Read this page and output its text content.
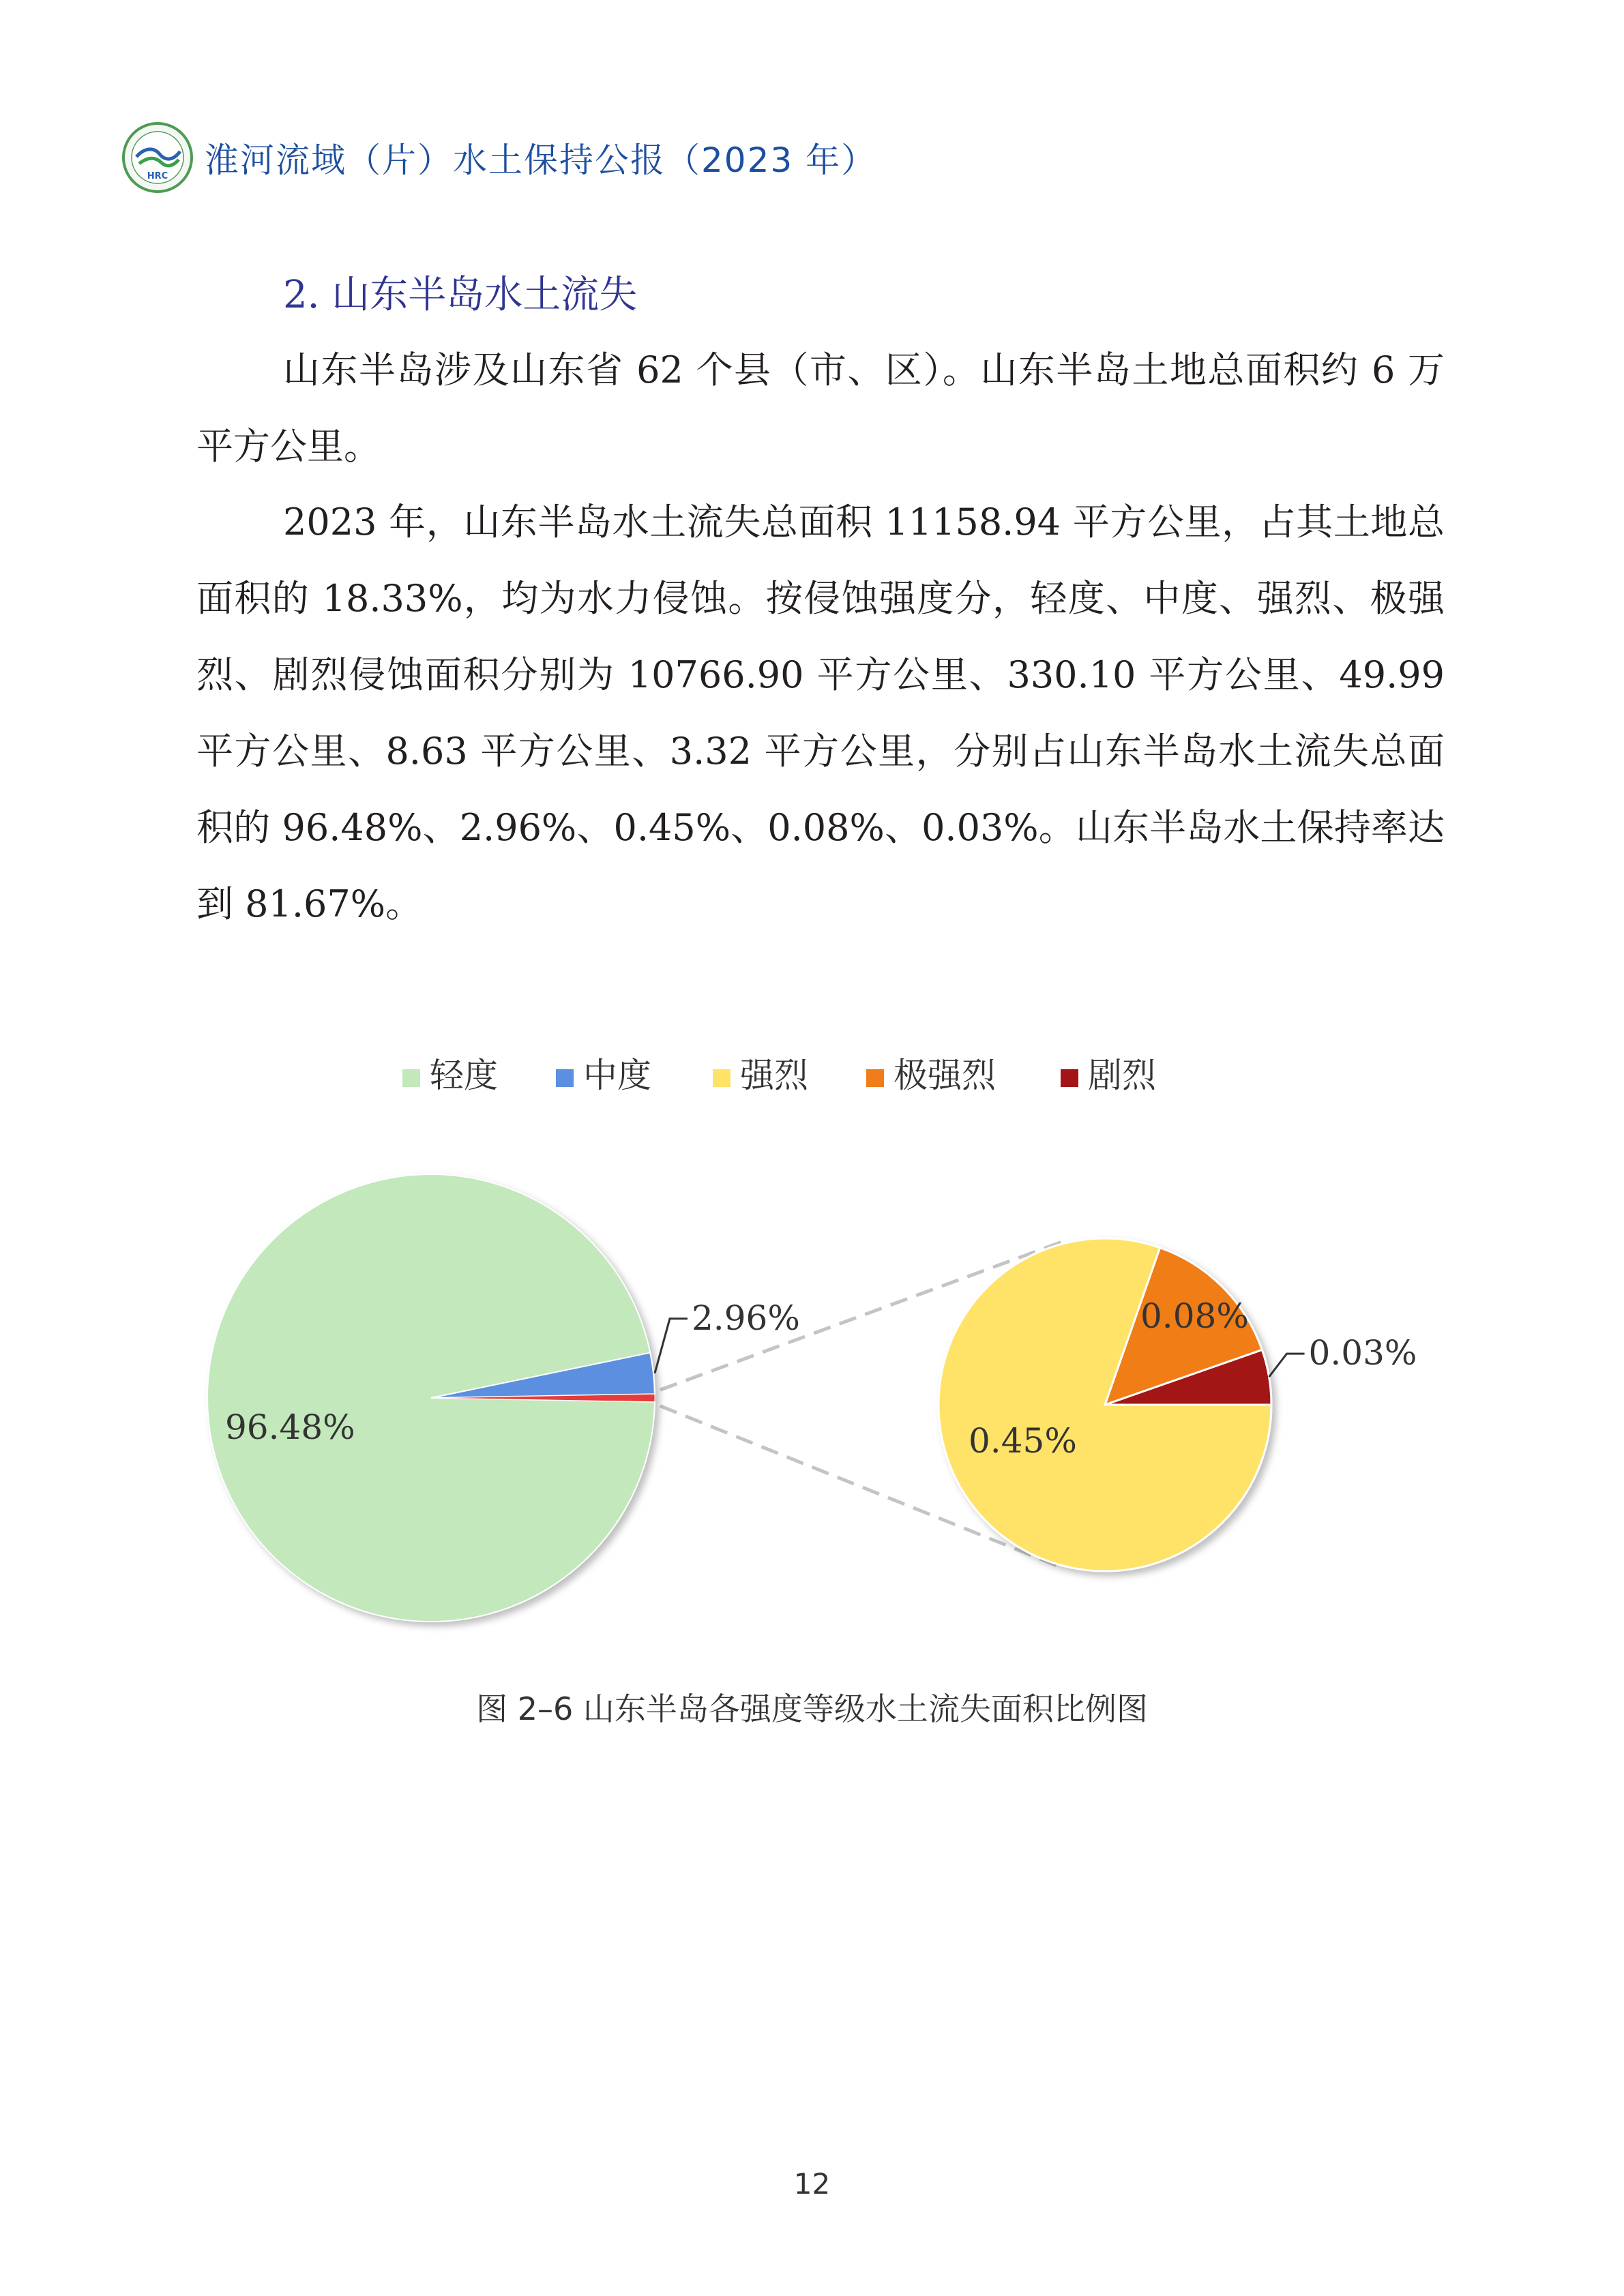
HRC 淮河流域（片）水土保持公报（2023 年）
2. 山东半岛水土流失

山东半岛涉及山东省 62 个县（市、区）。山东半岛土地总面积约 6 万平方公里。

2023 年，山东半岛水土流失总面积 11158.94 平方公里，占其土地总面积的 18.33%，均为水力侵蚀。按侵蚀强度分，轻度、中度、强烈、极强烈、剧烈侵蚀面积分别为 10766.90 平方公里、330.10 平方公里、49.99 平方公里、8.63 平方公里、3.32 平方公里，分别占山东半岛水土流失总面积的 96.48%、2.96%、0.45%、0.08%、0.03%。山东半岛水土保持率达到 81.67%。

轻度	中度	强烈	极强烈	剧烈
96.48%
2.96%
0.45%
0.08%
0.03%
图 2–6 山东半岛各强度等级水土流失面积比例图
12
